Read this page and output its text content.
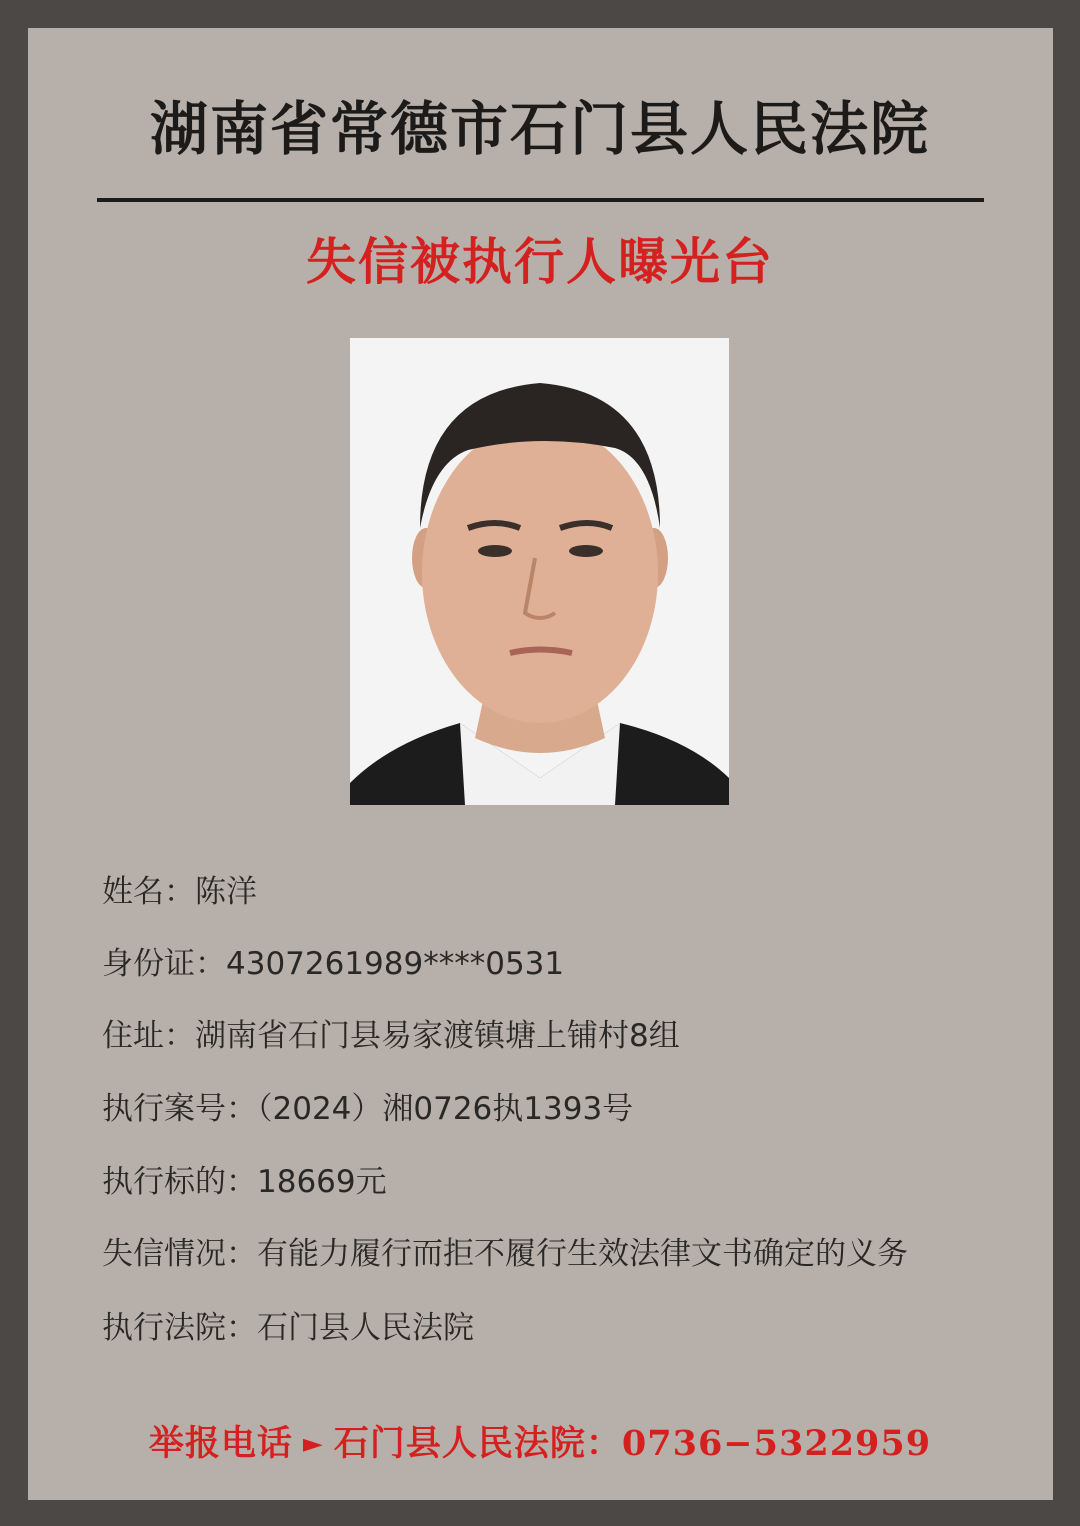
湖南省常德市石门县人民法院
失信被执行人曝光台
姓名：陈洋
身份证：4307261989****0531
住址：湖南省石门县易家渡镇塘上铺村8组
执行案号：（2024）湘0726执1393号
执行标的：18669元
失信情况：有能力履行而拒不履行生效法律文书确定的义务
执行法院：石门县人民法院
举报电话 ► 石门县人民法院：0736−5322959
